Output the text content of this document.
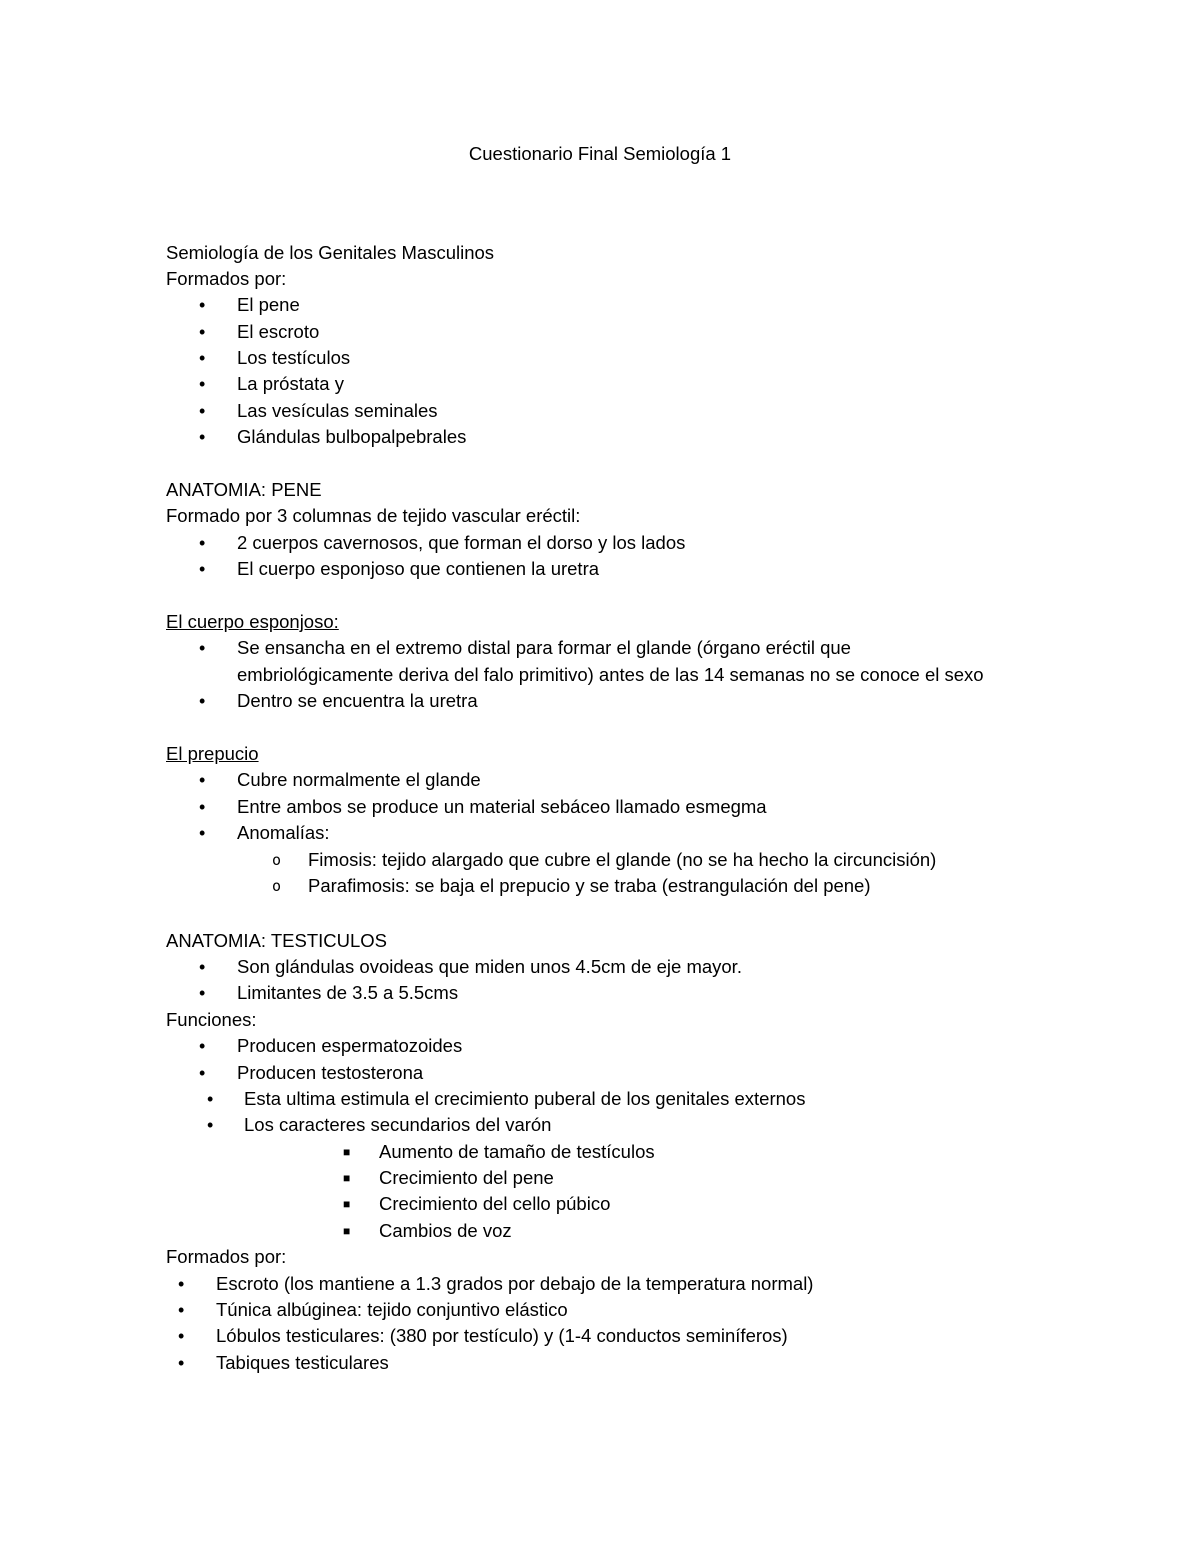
Cuestionario Final Semiología 1
Semiología de los Genitales Masculinos
Formados por:
• El pene
• El escroto
• Los testículos
• La próstata y
• Las vesículas seminales
• Glándulas bulbopalpebrales
ANATOMIA: PENE
Formado por 3 columnas de tejido vascular eréctil:
• 2 cuerpos cavernosos, que forman el dorso y los lados
• El cuerpo esponjoso que contienen la uretra
El cuerpo esponjoso:
• Se ensancha en el extremo distal para formar el glande (órgano eréctil que
embriológicamente deriva del falo primitivo) antes de las 14 semanas no se conoce el sexo
• Dentro se encuentra la uretra
El prepucio
• Cubre normalmente el glande
• Entre ambos se produce un material sebáceo llamado esmegma
• Anomalías:
o Fimosis: tejido alargado que cubre el glande (no se ha hecho la circuncisión)
o Parafimosis: se baja el prepucio y se traba (estrangulación del pene)
ANATOMIA: TESTICULOS
• Son glándulas ovoideas que miden unos 4.5cm de eje mayor.
• Limitantes de 3.5 a 5.5cms
Funciones:
• Producen espermatozoides
• Producen testosterona
• Esta ultima estimula el crecimiento puberal de los genitales externos
• Los caracteres secundarios del varón
■ Aumento de tamaño de testículos
■ Crecimiento del pene
■ Crecimiento del cello púbico
■ Cambios de voz
Formados por:
• Escroto (los mantiene a 1.3 grados por debajo de la temperatura normal)
• Túnica albúginea: tejido conjuntivo elástico
• Lóbulos testiculares: (380 por testículo) y (1-4 conductos seminíferos)
• Tabiques testiculares
